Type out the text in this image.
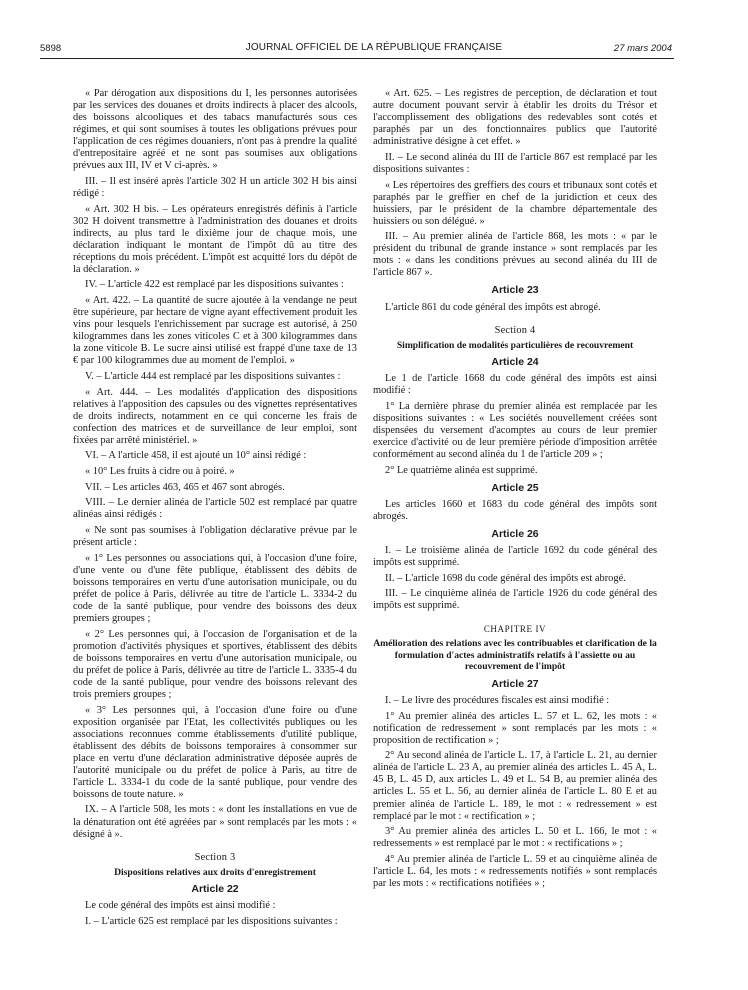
5898	JOURNAL OFFICIEL DE LA RÉPUBLIQUE FRANÇAISE	27 mars 2004

« Par dérogation aux dispositions du I, les personnes autorisées par les services des douanes et droits indirects à placer des alcools, des boissons alcooliques et des tabacs manufacturés sous ces régimes, et qui sont soumises à toutes les obligations prévues pour l'application de ces régimes douaniers, n'ont pas à prendre la qualité d'entrepositaire agréé et ne sont pas soumises aux obligations prévues aux III, IV et V ci-après. »

III. – Il est inséré après l'article 302 H un article 302 H bis ainsi rédigé :

« Art. 302 H bis. – Les opérateurs enregistrés définis à l'article 302 H doivent transmettre à l'administration des douanes et droits indirects, au plus tard le dixième jour de chaque mois, une déclaration indiquant le montant de l'impôt dû au titre des réceptions du mois précédent. L'impôt est acquitté lors du dépôt de la déclaration. »

IV. – L'article 422 est remplacé par les dispositions suivantes :

« Art. 422. – La quantité de sucre ajoutée à la vendange ne peut être supérieure, par hectare de vigne ayant effectivement produit les vins pour lesquels l'enrichissement par sucrage est autorisé, à 250 kilogrammes dans les zones viticoles C et à 300 kilogrammes dans la zone viticole B. Le sucre ainsi utilisé est frappé d'une taxe de 13 € par 100 kilogrammes due au moment de l'emploi. »

V. – L'article 444 est remplacé par les dispositions suivantes :

« Art. 444. – Les modalités d'application des dispositions relatives à l'apposition des capsules ou des vignettes représentatives de droits indirects, notamment en ce qui concerne les frais de confection des matrices et de surveillance de leur emploi, sont fixées par arrêté ministériel. »

VI. – A l'article 458, il est ajouté un 10° ainsi rédigé :

« 10° Les fruits à cidre ou à poiré. »

VII. – Les articles 463, 465 et 467 sont abrogés.

VIII. – Le dernier alinéa de l'article 502 est remplacé par quatre alinéas ainsi rédigés :

« Ne sont pas soumises à l'obligation déclarative prévue par le présent article :

« 1° Les personnes ou associations qui, à l'occasion d'une foire, d'une vente ou d'une fête publique, établissent des débits de boissons temporaires en vertu d'une autorisation municipale, ou du préfet de police à Paris, délivrée au titre de l'article L. 3334-2 du code de la santé publique, pour vendre des boissons des deux premiers groupes ;

« 2° Les personnes qui, à l'occasion de l'organisation et de la promotion d'activités physiques et sportives, établissent des débits de boissons temporaires en vertu d'une autorisation municipale, ou du préfet de police à Paris, délivrée au titre de l'article L. 3335-4 du code de la santé publique, pour vendre des boissons relevant des trois premiers groupes ;

« 3° Les personnes qui, à l'occasion d'une foire ou d'une exposition organisée par l'Etat, les collectivités publiques ou les associations reconnues comme établissements d'utilité publique, établissent des débits de boissons temporaires à consommer sur place en vertu d'une déclaration administrative déposée auprès de l'autorité municipale ou du préfet de police à Paris, au titre de l'article L. 3334-1 du code de la santé publique, pour vendre des boissons de toute nature. »

IX. – A l'article 508, les mots : « dont les installations en vue de la dénaturation ont été agréées par » sont remplacés par les mots : « désigné à ».

Section 3
Dispositions relatives aux droits d'enregistrement
Article 22

Le code général des impôts est ainsi modifié :

I. – L'article 625 est remplacé par les dispositions suivantes :

« Art. 625. – Les registres de perception, de déclaration et tout autre document pouvant servir à établir les droits du Trésor et l'accomplissement des obligations des redevables sont cotés et paraphés par un des fonctionnaires publics que l'autorité administrative désigne à cet effet. »

II. – Le second alinéa du III de l'article 867 est remplacé par les dispositions suivantes :

« Les répertoires des greffiers des cours et tribunaux sont cotés et paraphés par le greffier en chef de la juridiction et ceux des huissiers, par le président de la chambre départementale des huissiers ou son délégué. »

III. – Au premier alinéa de l'article 868, les mots : « par le président du tribunal de grande instance » sont remplacés par les mots : « dans les conditions prévues au second alinéa du III de l'article 867 ».

Article 23

L'article 861 du code général des impôts est abrogé.

Section 4
Simplification de modalités particulières de recouvrement
Article 24

Le 1 de l'article 1668 du code général des impôts est ainsi modifié :

1° La dernière phrase du premier alinéa est remplacée par les dispositions suivantes : « Les sociétés nouvellement créées sont dispensées du versement d'acomptes au cours de leur premier exercice d'activité ou de leur première période d'imposition arrêtée conformément au second alinéa du 1 de l'article 209 » ;

2° Le quatrième alinéa est supprimé.

Article 25

Les articles 1660 et 1683 du code général des impôts sont abrogés.

Article 26

I. – Le troisième alinéa de l'article 1692 du code général des impôts est supprimé.

II. – L'article 1698 du code général des impôts est abrogé.

III. – Le cinquième alinéa de l'article 1926 du code général des impôts est supprimé.

CHAPITRE IV
Amélioration des relations avec les contribuables et clarification de la formulation d'actes administratifs relatifs à l'assiette ou au recouvrement de l'impôt
Article 27

I. – Le livre des procédures fiscales est ainsi modifié :

1° Au premier alinéa des articles L. 57 et L. 62, les mots : « notification de redressement » sont remplacés par les mots : « proposition de rectification » ;

2° Au second alinéa de l'article L. 17, à l'article L. 21, au dernier alinéa de l'article L. 23 A, au premier alinéa des articles L. 45 A, L. 45 B, L. 45 D, aux articles L. 49 et L. 54 B, au premier alinéa des articles L. 55 et L. 56, au dernier alinéa de l'article L. 80 E et au premier alinéa de l'article L. 189, le mot : « redressement » est remplacé par le mot : « rectification » ;

3° Au premier alinéa des articles L. 50 et L. 166, le mot : « redressements » est remplacé par le mot : « rectifications » ;

4° Au premier alinéa de l'article L. 59 et au cinquième alinéa de l'article L. 64, les mots : « redressements notifiés » sont remplacés par les mots : « rectifications notifiées » ;
